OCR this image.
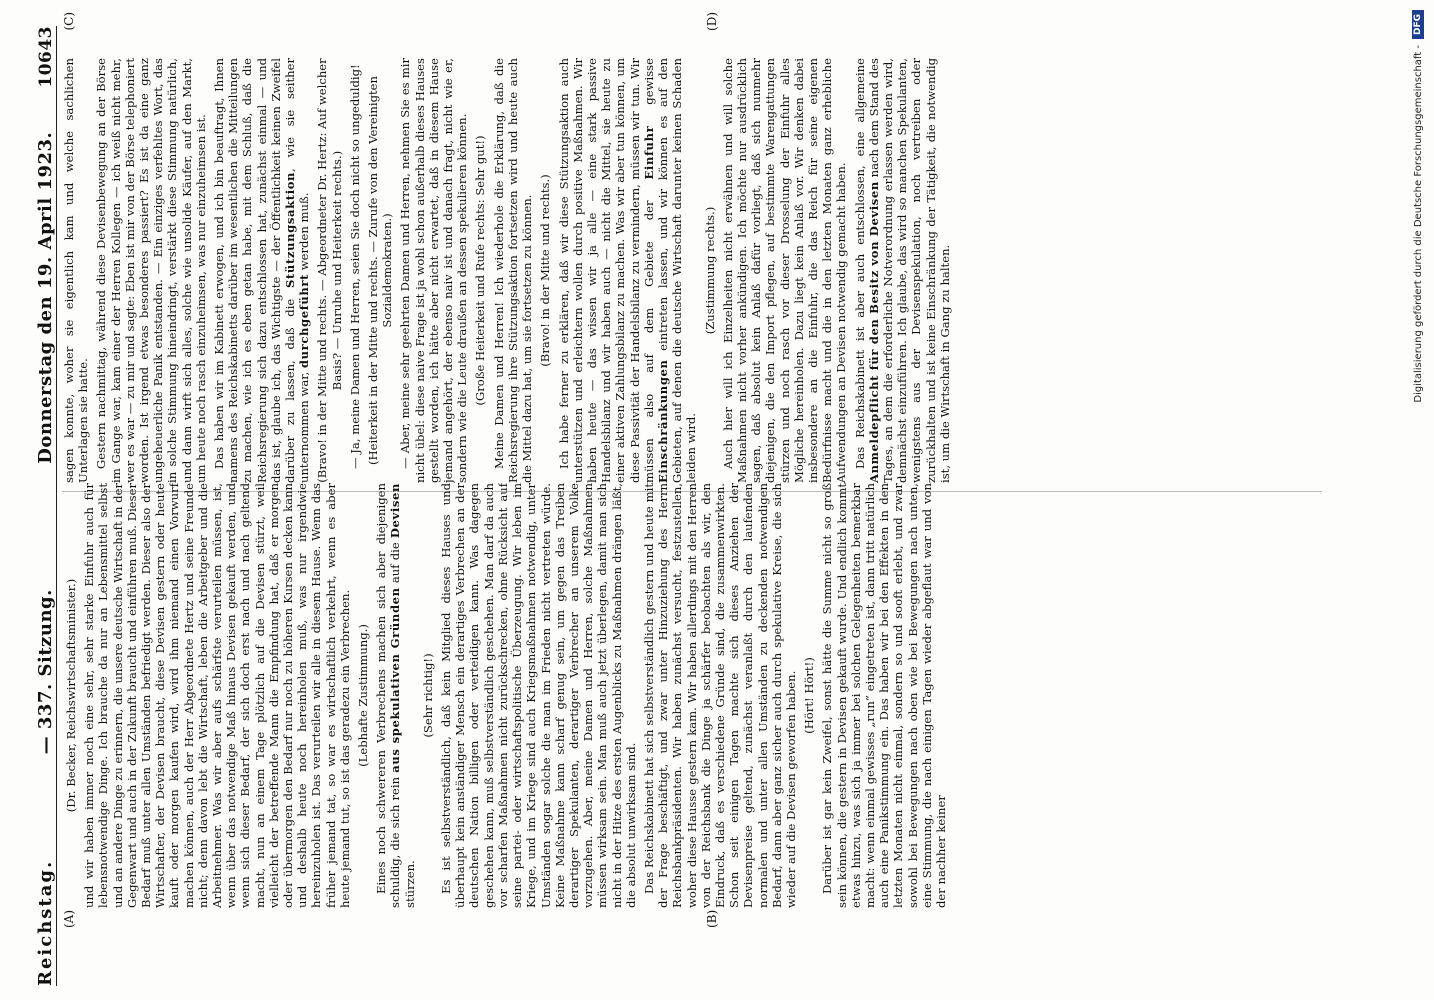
Reichstag.
— 337. Sitzung.
Donnerstag den 19. April 1923.
10643
(A)	(B)
(C)	(D)

(Dr. Becker, Reichswirtschaftsminister.) und wir haben immer noch eine sehr, sehr starke Einfuhr auch für lebensnotwendige Dinge. Ich brauche da nur an Lebensmittel selbst und an andere Dinge zu erinnern, die unsere deutsche Wirtschaft in der Gegenwart und auch in der Zukunft braucht und einführen muß. Dieser Bedarf muß unter allen Umständen befriedigt werden. Dieser also der Wirtschafter, der Devisen braucht, diese Devisen gestern oder heute kauft oder morgen kaufen wird, wird ihm niemand einen Vorwurf machen können, auch der Herr Abgeordnete Hertz und seine Freunde nicht; denn davon lebt die Wirtschaft, leben die Arbeitgeber und die Arbeitnehmer. Was wir aber aufs schärfste verurteilen müssen, ist, wenn über das notwendige Maß hinaus Devisen gekauft werden, und wenn sich dieser Bedarf, der sich doch erst nach und nach geltend macht, nun an einem Tage plötzlich auf die Devisen stürzt, weil vielleicht der betreffende Mann die Empfindung hat, daß er morgen oder übermorgen den Bedarf nur noch zu höheren Kursen decken kann und deshalb heute noch hereinholen muß, was nur irgendwie hereinzuholen ist. Das verurteilen wir alle in diesem Hause. Wenn das früher jemand tat, so war es wirtschaftlich verkehrt, wenn es aber heute jemand tut, so ist das geradezu ein Verbrechen. (Lebhafte Zustimmung.) Eines noch schwereren Verbrechens machen sich aber diejenigen schuldig, die sich rein aus spekulativen Gründen auf die Devisen stürzen.

(Sehr richtig!) Es ist selbstverständlich, daß kein Mitglied dieses Hauses und überhaupt kein anständiger Mensch ein derartiges Verbrechen an der deutschen Nation billigen oder verteidigen kann. Was dagegen geschehen kann, muß selbstverständlich geschehen. Man darf da auch vor scharfen Maßnahmen nicht zurückschrecken, ohne Rücksicht auf seine partei- oder wirtschaftspolitische Überzeugung. Wir leben im Kriege, und im Kriege sind auch Kriegsmaßnahmen notwendig, unter Umständen sogar solche die man im Frieden nicht vertreten würde. Keine Maßnahme kann scharf genug sein, um gegen das Treiben derartiger Spekulanten, derartiger Verbrecher an unserem Volke vorzugehen. Aber, meine Damen und Herren, solche Maßnahmen müssen wirksam sein. Man muß auch jetzt überlegen, damit man sich nicht in der Hitze des ersten Augenblicks zu Maßnahmen drängen läßt, die absolut unwirksam sind. Das Reichskabinett hat sich selbstverständlich gestern und heute mit der Frage beschäftigt, und zwar unter Hinzuziehung des Herrn Reichsbankpräsidenten. Wir haben zunächst versucht, festzustellen, woher diese Hausse gestern kam. Wir haben allerdings mit den Herren von der Reichsbank die Dinge ja schärfer beobachten als wir, den Eindruck, daß es verschiedene Gründe sind, die zusammenwirkten. Schon seit einigen Tagen machte sich dieses Anziehen der Devisenpreise geltend, zunächst veranlaßt durch den laufenden normalen und unter allen Umständen zu deckenden notwendigen Bedarf, dann aber ganz sicher auch durch spekulative Kreise, die sich wieder auf die Devisen geworfen haben. (Hört! Hört!) Darüber ist gar kein Zweifel, sonst hätte die Summe nicht so groß sein können, die gestern in Devisen gekauft wurde. Und endlich kommt etwas hinzu, was sich ja immer bei solchen Gelegenheiten bemerkbar macht: wenn einmal gewisses „run“ eingetreten ist, dann tritt natürlich auch eine Panikstimmung ein. Das haben wir bei den Effekten in den letzten Monaten nicht einmal, sondern so und sooft erlebt, und zwar sowohl bei Bewegungen nach oben wie bei Bewegungen nach unten, eine Stimmung, die nach einigen Tagen wieder abgeflaut war und von der nachher keiner

sagen konnte, woher sie eigentlich kam und welche sachlichen Unterlagen sie hatte. Gestern nachmittag, während diese Devisenbewegung an der Börse im Gange war, kam einer der Herren Kollegen — ich weiß nicht mehr, wer es war — zu mir und sagte: Eben ist mir von der Börse telephoniert worden. Ist irgend etwas besonderes passiert? Es ist da eine ganz ungeheuerliche Panik entstanden. — Ein einziges verfehltes Wort, das in solche Stimmung hineindringt, verstärkt diese Stimmung natürlich, und dann wirft sich alles, solche wie unsolide Käufer, auf den Markt, um heute noch rasch einzuheimsen, was nur einzuheimsen ist. Das haben wir im Kabinett erwogen, und ich bin beauftragt, Ihnen namens des Reichskabinetts darüber im wesentlichen die Mitteilungen zu machen, wie ich es eben getan habe, mit dem Schluß, daß die Reichsregierung sich dazu entschlossen hat, zunächst einmal — und das ist, glaube ich, das Wichtigste — der Öffentlichkeit keinen Zweifel darüber zu lassen, daß die Stützungsaktion, wie sie seither unternommen war, durchgeführt werden muß. (Bravo! in der Mitte und rechts. — Abgeordneter Dr. Hertz: Auf welcher Basis? — Unruhe und Heiterkeit rechts.) — Ja, meine Damen und Herren, seien Sie doch nicht so ungeduldig! (Heiterkeit in der Mitte und rechts. — Zurufe von den Vereinigten Sozialdemokraten.) — Aber, meine sehr geehrten Damen und Herren, nehmen Sie es mir nicht übel: diese naive Frage ist ja wohl schon außerhalb dieses Hauses gestellt worden, ich hätte aber nicht erwartet, daß in diesem Hause jemand angehört, der ebenso naiv ist und danach fragt, nicht wie er, sondern wie die Leute draußen an dessen spekulieren können. (Große Heiterkeit und Rufe rechts: Sehr gut!) Meine Damen und Herren! Ich wiederhole die Erklärung, daß die Reichsregierung ihre Stützungsaktion fortsetzen wird und heute auch die Mittel dazu hat, um sie fortsetzen zu können. (Bravo! in der Mitte und rechts.) Ich habe ferner zu erklären, daß wir diese Stützungsaktion auch unterstützen und erleichtern wollen durch positive Maßnahmen. Wir haben heute — das wissen wir ja alle — eine stark passive Handelsbilanz und wir haben auch — nicht die Mittel, sie heute zu einer aktiven Zahlungsbilanz zu machen. Was wir aber tun können, um diese Passivität der Handelsbilanz zu vermindern, müssen wir tun. Wir müssen also auf dem Gebiete der Einfuhr gewisse Einschränkungen eintreten lassen, und wir können es auf den Gebieten, auf denen die deutsche Wirtschaft darunter keinen Schaden leiden wird.

(Zustimmung rechts.) Auch hier will ich Einzelheiten nicht erwähnen und will solche Maßnahmen nicht vorher ankündigen. Ich möchte nur ausdrücklich sagen, daß absolut kein Anlaß dafür vorliegt, daß sich nunmehr diejenigen, die den Import pflegen, auf bestimmte Warengattungen stürzen und noch rasch vor dieser Drosselung der Einfuhr alles Mögliche hereinholen. Dazu liegt kein Anlaß vor. Wir denken dabei insbesondere an die Einfuhr, die das Reich für seine eigenen Bedürfnisse macht und die in den letzten Monaten ganz erhebliche Aufwendungen an Devisen notwendig gemacht haben. Das Reichskabinett ist aber auch entschlossen, eine allgemeine Anmeldepflicht für den Besitz von Devisen nach dem Stand des Tages, an dem die erforderliche Notverordnung erlassen werden wird, demnächst einzuführen. Ich glaube, das wird so manchen Spekulanten, wenigstens aus der Devisenspekulation, noch vertreiben oder zurückhalten und ist keine Einschränkung der Tätigkeit, die notwendig ist, um die Wirtschaft in Gang zu halten.	Digitalisierung gefördert durch die Deutsche Forschungsgemeinschaft -
DFG
